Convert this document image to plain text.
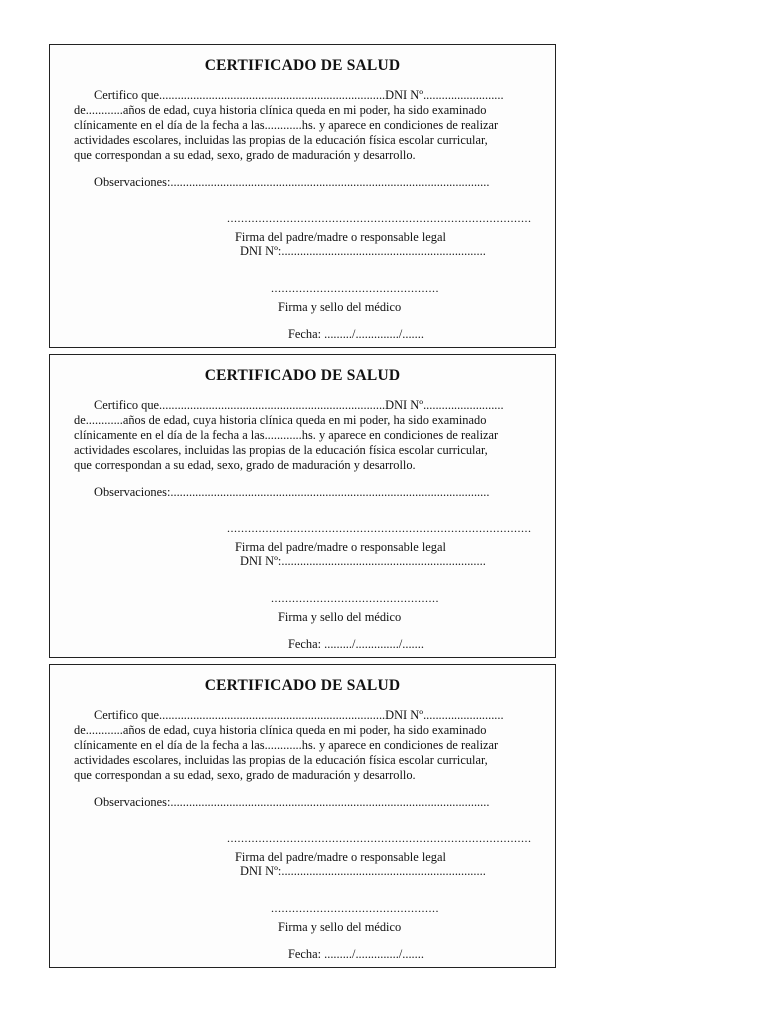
CERTIFICADO DE SALUD
Certifico que.........................................................................DNI Nº..........................
de............años de edad, cuya historia clínica queda en mi poder, ha sido examinado
clínicamente en el día de la fecha a las............hs. y aparece en condiciones de realizar
actividades escolares, incluidas las propias de la educación física escolar curricular,
que correspondan a su edad, sexo, grado de maduración y desarrollo.
Observaciones:.......................................................................................................
.......................................................................................
Firma del padre/madre o responsable legal
DNI Nº:..................................................................
................................................
Firma y sello del médico
Fecha: ........./............../.......
CERTIFICADO DE SALUD
Certifico que.........................................................................DNI Nº..........................
de............años de edad, cuya historia clínica queda en mi poder, ha sido examinado
clínicamente en el día de la fecha a las............hs. y aparece en condiciones de realizar
actividades escolares, incluidas las propias de la educación física escolar curricular,
que correspondan a su edad, sexo, grado de maduración y desarrollo.
Observaciones:.......................................................................................................
.......................................................................................
Firma del padre/madre o responsable legal
DNI Nº:..................................................................
................................................
Firma y sello del médico
Fecha: ........./............../.......
CERTIFICADO DE SALUD
Certifico que.........................................................................DNI Nº..........................
de............años de edad, cuya historia clínica queda en mi poder, ha sido examinado
clínicamente en el día de la fecha a las............hs. y aparece en condiciones de realizar
actividades escolares, incluidas las propias de la educación física escolar curricular,
que correspondan a su edad, sexo, grado de maduración y desarrollo.
Observaciones:.......................................................................................................
.......................................................................................
Firma del padre/madre o responsable legal
DNI Nº:..................................................................
................................................
Firma y sello del médico
Fecha: ........./............../.......
